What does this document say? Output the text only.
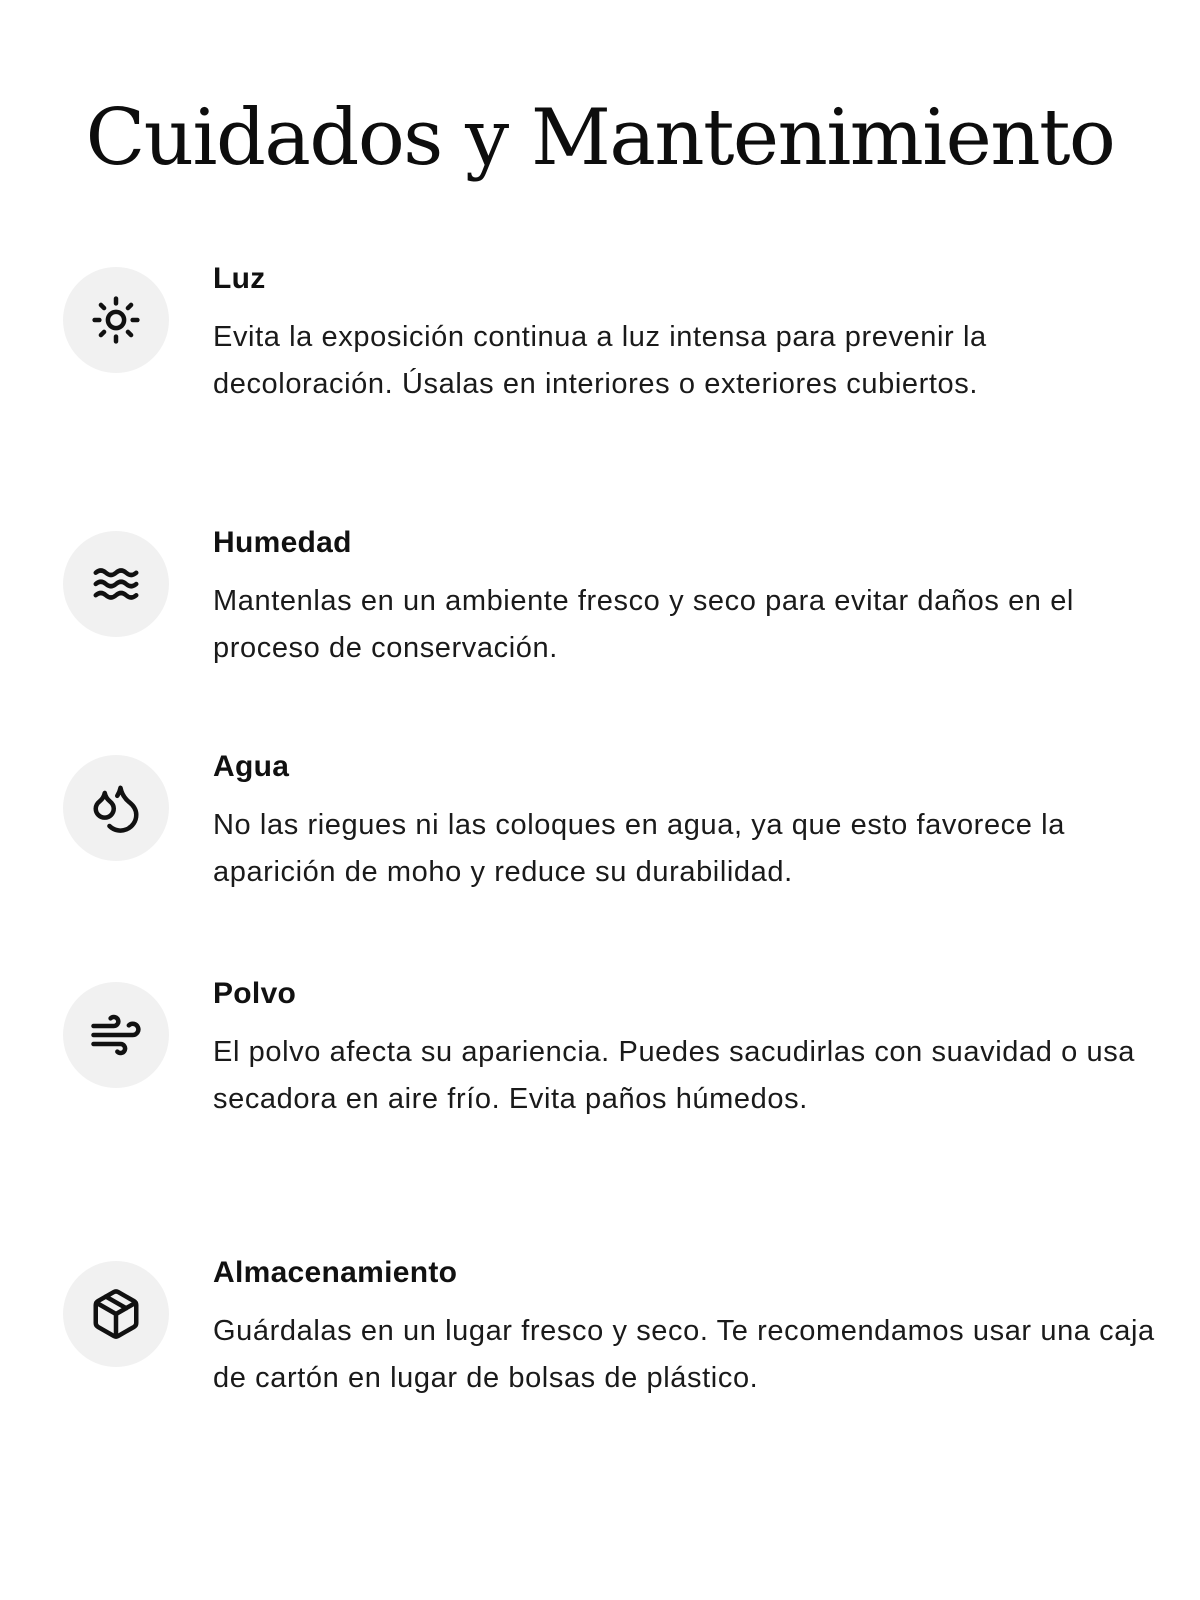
Cuidados y Mantenimiento
Luz

Evita la exposición continua a luz intensa para prevenir la decoloración. Úsalas en interiores o exteriores cubiertos.

Humedad

Mantenlas en un ambiente fresco y seco para evitar daños en el proceso de conservación.

Agua

No las riegues ni las coloques en agua, ya que esto favorece la aparición de moho y reduce su durabilidad.

Polvo

El polvo afecta su apariencia. Puedes sacudirlas con suavidad o usa secadora en aire frío. Evita paños húmedos.

Almacenamiento

Guárdalas en un lugar fresco y seco. Te recomendamos usar una caja de cartón en lugar de bolsas de plástico.
